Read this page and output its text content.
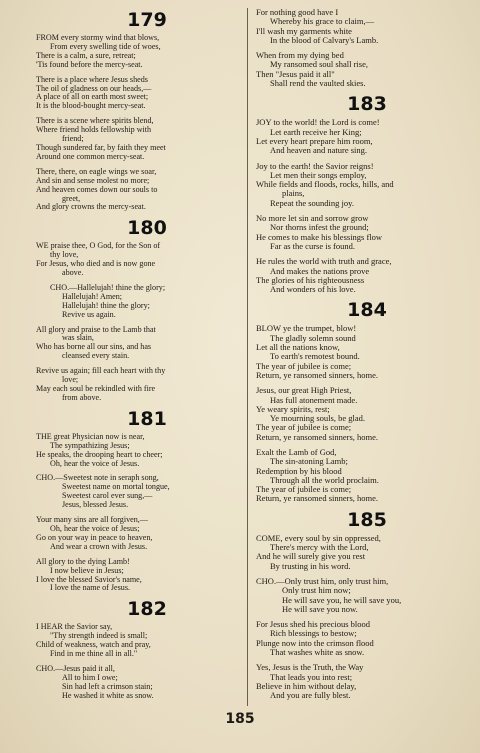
179
FROM every stormy wind that blows,
From every swelling tide of woes,
There is a calm, a sure, retreat;
'Tis found before the mercy-seat.
There is a place where Jesus sheds
The oil of gladness on our heads,—
A place of all on earth most sweet;
It is the blood-bought mercy-seat.
There is a scene where spirits blend,
Where friend holds fellowship with
friend;
Though sundered far, by faith they meet
Around one common mercy-seat.
There, there, on eagle wings we soar,
And sin and sense molest no more;
And heaven comes down our souls to
greet,
And glory crowns the mercy-seat.
180
WE praise thee, O God, for the Son of
thy love,
For Jesus, who died and is now gone
above.
CHO.—Hallelujah! thine the glory;
Hallelujah! Amen;
Hallelujah! thine the glory;
Revive us again.
All glory and praise to the Lamb that
was slain,
Who has borne all our sins, and has
cleansed every stain.
Revive us again; fill each heart with thy
love;
May each soul be rekindled with fire
from above.
181
THE great Physician now is near,
The sympathizing Jesus;
He speaks, the drooping heart to cheer;
Oh, hear the voice of Jesus.
CHO.—Sweetest note in seraph song,
Sweetest name on mortal tongue,
Sweetest carol ever sung,—
Jesus, blessed Jesus.
Your many sins are all forgiven,—
Oh, hear the voice of Jesus;
Go on your way in peace to heaven,
And wear a crown with Jesus.
All glory to the dying Lamb!
I now believe in Jesus;
I love the blessed Savior's name,
I love the name of Jesus.
182
I HEAR the Savior say,
"Thy strength indeed is small;
Child of weakness, watch and pray,
Find in me thine all in all."
CHO.—Jesus paid it all,
All to him I owe;
Sin had left a crimson stain;
He washed it white as snow.
For nothing good have I
Whereby his grace to claim,—
I'll wash my garments white
In the blood of Calvary's Lamb.
When from my dying bed
My ransomed soul shall rise,
Then "Jesus paid it all"
Shall rend the vaulted skies.
183
JOY to the world! the Lord is come!
Let earth receive her King;
Let every heart prepare him room,
And heaven and nature sing.
Joy to the earth! the Savior reigns!
Let men their songs employ,
While fields and floods, rocks, hills, and
plains,
Repeat the sounding joy.
No more let sin and sorrow grow
Nor thorns infest the ground;
He comes to make his blessings flow
Far as the curse is found.
He rules the world with truth and grace,
And makes the nations prove
The glories of his righteousness
And wonders of his love.
184
BLOW ye the trumpet, blow!
The gladly solemn sound
Let all the nations know,
To earth's remotest bound.
The year of jubilee is come;
Return, ye ransomed sinners, home.
Jesus, our great High Priest,
Has full atonement made.
Ye weary spirits, rest;
Ye mourning souls, be glad.
The year of jubilee is come;
Return, ye ransomed sinners, home.
Exalt the Lamb of God,
The sin-atoning Lamb;
Redemption by his blood
Through all the world proclaim.
The year of jubilee is come;
Return, ye ransomed sinners, home.
185
COME, every soul by sin oppressed,
There's mercy with the Lord,
And he will surely give you rest
By trusting in his word.
CHO.—Only trust him, only trust him,
Only trust him now;
He will save you, he will save you,
He will save you now.
For Jesus shed his precious blood
Rich blessings to bestow;
Plunge now into the crimson flood
That washes white as snow.
Yes, Jesus is the Truth, the Way
That leads you into rest;
Believe in him without delay,
And you are fully blest.
185
